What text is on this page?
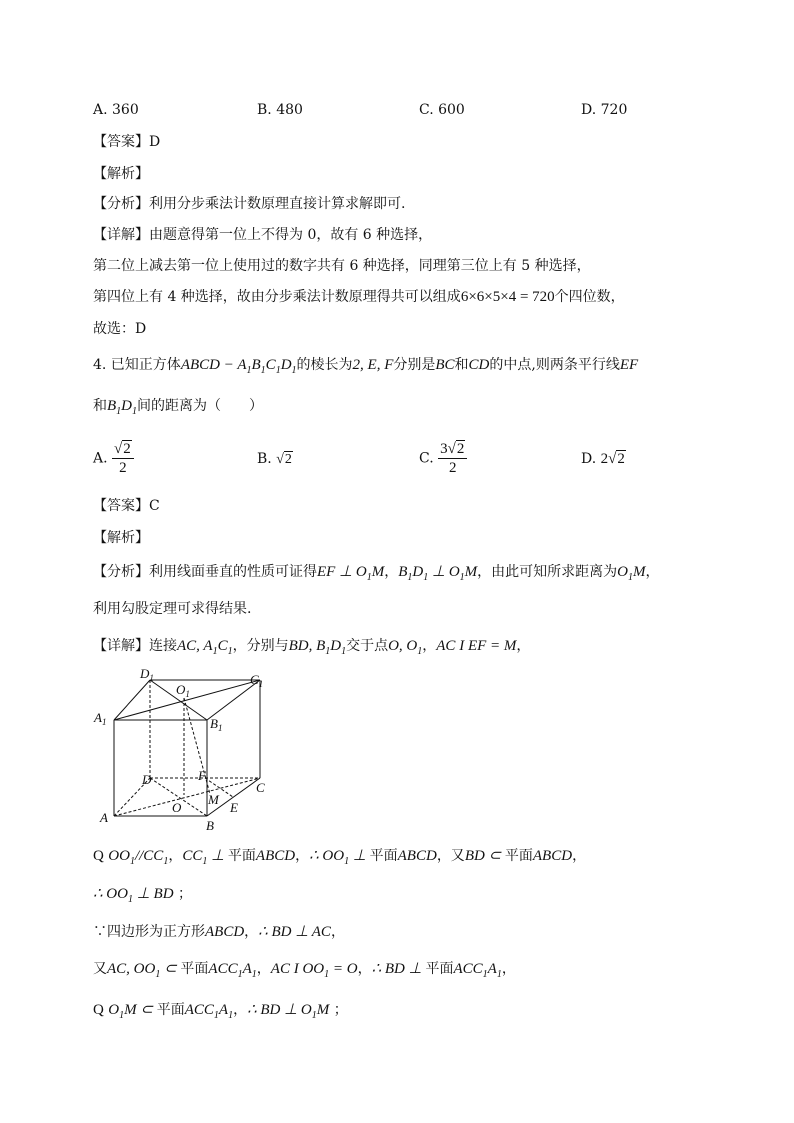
A. 360	B. 480	C. 600	D. 720
【答案】D
【解析】
【分析】利用分步乘法计数原理直接计算求解即可.
【详解】由题意得第一位上不得为 0，故有 6 种选择，
第二位上减去第一位上使用过的数字共有 6 种选择，同理第三位上有 5 种选择，
第四位上有 4 种选择，故由分步乘法计数原理得共可以组成6×6×5×4 = 720个四位数，
故选：D
4. 已知正方体ABCD − $A_1B_1C_1D_1$的棱长为2, E, F分别是BC和CD的中点,则两条平行线EF
和$B_1D_1$间的距离为（　　）
A. $\frac{√2}{2}$	B. √2	C. $\frac{3√2}{2}$	D. 2√2
【答案】C
【解析】
【分析】利用线面垂直的性质可证得EF ⊥ $O_1M$，$B_1D_1$ ⊥ $O_1M$，由此可知所求距离为$O_1M$，
利用勾股定理可求得结果.
【详解】连接AC, $A_1C_1$，分别与BD, $B_1D_1$交于点O, $O_1$，AC I EF = M，
$D_1$
$O_1$
$C_1$
$A_1$	$B_1$
D	F
C
M
O	E
A
B
Q $OO_1//CC_1$，$CC_1$ ⊥ 平面ABCD，∴ $OO_1$ ⊥ 平面ABCD，又BD ⊂ 平面ABCD，
∴ $OO_1$ ⊥ BD ；
∵四边形为正方形ABCD，∴ BD ⊥ AC，
又AC, $OO_1$ ⊂ 平面$ACC_1A_1$，AC I $OO_1 = O$，∴ BD ⊥ 平面$ACC_1A_1$，
Q $O_1M$ ⊂ 平面$ACC_1A_1$，∴ BD ⊥ $O_1M$ ；
